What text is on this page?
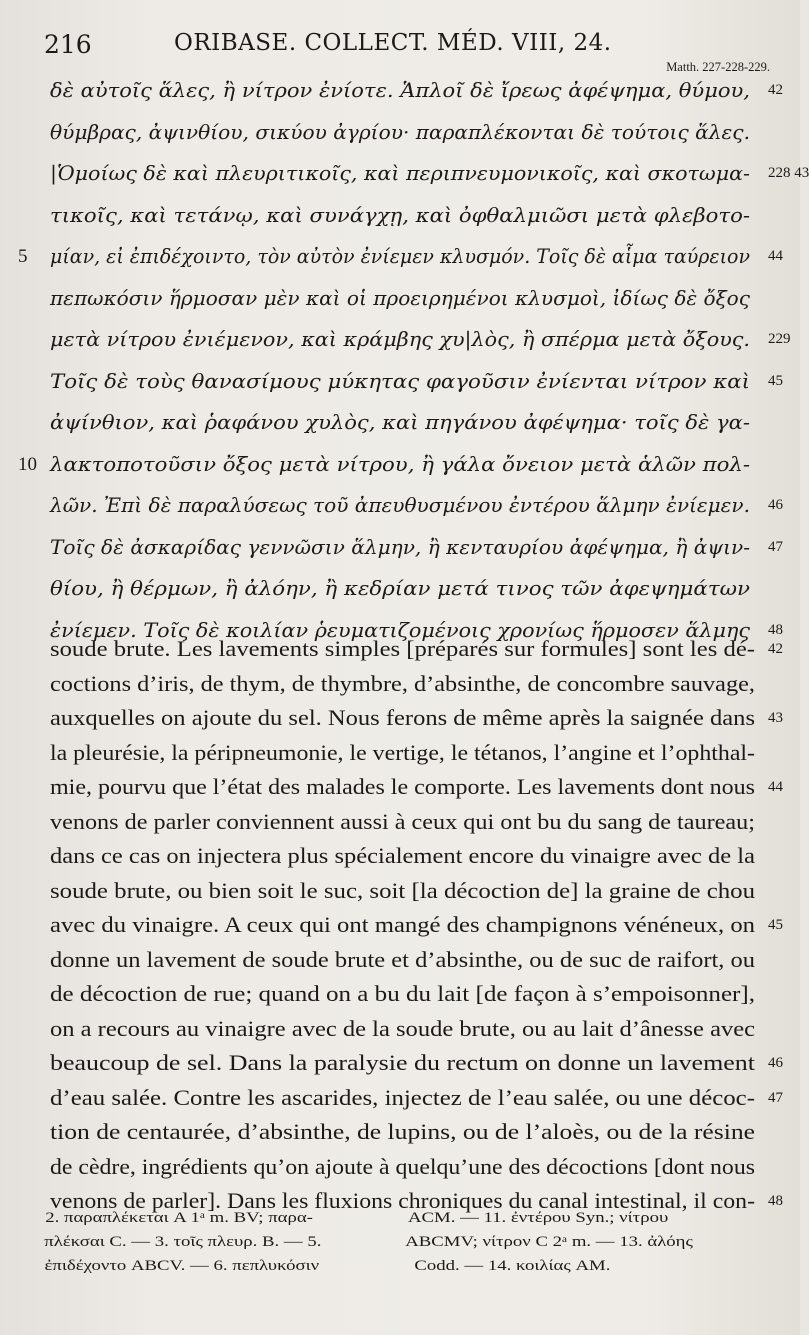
216	ORIBASE. COLLECT. MÉD. VIII, 24.
Matth. 227-228-229.
δὲ αὐτοῖς ἅλες, ἢ νίτρον ἐνίοτε. Ἁπλοῖ δὲ ἴρεως ἀφέψημα, θύμου, 42
θύμβρας, ἀψινθίου, σικύου ἀγρίου· παραπλέκονται δὲ τούτοις ἅλες.
|Ὁμοίως δὲ καὶ πλευριτικοῖς, καὶ περιπνευμονικοῖς, καὶ σκοτωμα- 228 43
τικοῖς, καὶ τετάνῳ, καὶ συνάγχῃ, καὶ ὀφθαλμιῶσι μετὰ φλεβοτο-
5 μίαν, εἰ ἐπιδέχοιντο, τὸν αὐτὸν ἐνίεμεν κλυσμόν. Τοῖς δὲ αἷμα ταύρειον 44
πεπωκόσιν ἥρμοσαν μὲν καὶ οἱ προειρημένοι κλυσμοὶ, ἰδίως δὲ ὄξος
μετὰ νίτρου ἐνιέμενον, καὶ κράμβης χυ|λὸς, ἢ σπέρμα μετὰ ὄξους. 229
Τοῖς δὲ τοὺς θανασίμους μύκητας φαγοῦσιν ἐνίενται νίτρον καὶ 45
ἀψίνθιον, καὶ ῥαφάνου χυλὸς, καὶ πηγάνου ἀφέψημα· τοῖς δὲ γα-
10 λακτοποτοῦσιν ὄξος μετὰ νίτρου, ἢ γάλα ὄνειον μετὰ ἁλῶν πολ-
λῶν. Ἐπὶ δὲ παραλύσεως τοῦ ἀπευθυσμένου ἐντέρου ἅλμην ἐνίεμεν. 46
Τοῖς δὲ ἀσκαρίδας γεννῶσιν ἅλμην, ἢ κενταυρίου ἀφέψημα, ἢ ἀψιν- 47
θίου, ἢ θέρμων, ἢ ἀλόην, ἢ κεδρίαν μετά τινος τῶν ἀφεψημάτων
ἐνίεμεν. Τοῖς δὲ κοιλίαν ῥευματιζομένοις χρονίως ἥρμοσεν ἅλμης 48
soude brute. Les lavements simples [préparés sur formules] sont les dé- 42
coctions d’iris, de thym, de thymbre, d’absinthe, de concombre sauvage,
auxquelles on ajoute du sel. Nous ferons de même après la saignée dans 43
la pleurésie, la péripneumonie, le vertige, le tétanos, l’angine et l’ophthal-
mie, pourvu que l’état des malades le comporte. Les lavements dont nous 44
venons de parler conviennent aussi à ceux qui ont bu du sang de taureau;
dans ce cas on injectera plus spécialement encore du vinaigre avec de la
soude brute, ou bien soit le suc, soit [la décoction de] la graine de chou
avec du vinaigre. A ceux qui ont mangé des champignons vénéneux, on 45
donne un lavement de soude brute et d’absinthe, ou de suc de raifort, ou
de décoction de rue; quand on a bu du lait [de façon à s’empoisonner],
on a recours au vinaigre avec de la soude brute, ou au lait d’ânesse avec
beaucoup de sel. Dans la paralysie du rectum on donne un lavement 46
d’eau salée. Contre les ascarides, injectez de l’eau salée, ou une décoc- 47
tion de centaurée, d’absinthe, de lupins, ou de l’aloès, ou de la résine
de cèdre, ingrédients qu’on ajoute à quelqu’une des décoctions [dont nous
venons de parler]. Dans les fluxions chroniques du canal intestinal, il con- 48
2. παραπλέκεται A 1ᵃ m. BV; παρα-
πλέκσαι C. — 3. τοῖς πλευρ. B. — 5.
ἐπιδέχοντο ABCV. — 6. πεπλυκόσιν
ACM. — 11. ἐντέρου Syn.; νίτρου
ABCMV; νίτρον C 2ᵃ m. — 13. ἀλόης
Codd. — 14. κοιλίας AM.
